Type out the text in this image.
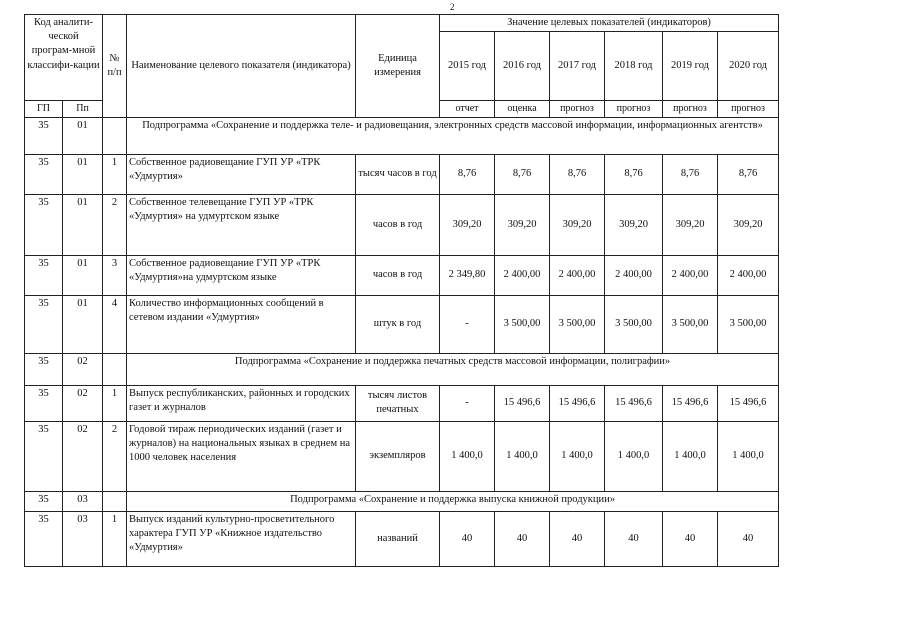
2
Код аналити-ческой програм-мной классифи-кации		№ п/п	Наименование целевого показателя (индикатора)	Единица измерения	Значение целевых показателей (индикаторов)					
					2015 год	2016 год	2017 год	2018 год	2019 год	2020 год
ГП	Пп				отчет	оценка	прогноз	прогноз	прогноз	прогноз
35	01		Подпрограмма «Сохранение и поддержка теле- и радиовещания, электронных средств массовой информации, информационных агентств»							
35	01	1	Собственное радиовещание ГУП УР «ТРК «Удмуртия»	тысяч часов в год	8,76	8,76	8,76	8,76	8,76	8,76
35	01	2	Собственное телевещание ГУП УР «ТРК «Удмуртия» на удмуртском языке	часов в год	309,20	309,20	309,20	309,20	309,20	309,20
35	01	3	Собственное радиовещание ГУП УР «ТРК «Удмуртия»на удмуртском языке	часов в год	2 349,80	2 400,00	2 400,00	2 400,00	2 400,00	2 400,00
35	01	4	Количество информационных сообщений в сетевом издании «Удмуртия»	штук в год	-	3 500,00	3 500,00	3 500,00	3 500,00	3 500,00
35	02		Подпрограмма «Сохранение и поддержка печатных средств массовой информации, полиграфии»							
35	02	1	Выпуск республиканских, районных и городских газет и журналов	тысяч листов печатных	-	15 496,6	15 496,6	15 496,6	15 496,6	15 496,6
35	02	2	Годовой тираж периодических изданий (газет и журналов) на национальных языках в среднем на 1000 человек населения	экземпляров	1 400,0	1 400,0	1 400,0	1 400,0	1 400,0	1 400,0
35	03		Подпрограмма «Сохранение и поддержка выпуска книжной продукции»							
35	03	1	Выпуск изданий культурно-просветительного характера ГУП УР «Книжное издательство «Удмуртия»	названий	40	40	40	40	40	40
